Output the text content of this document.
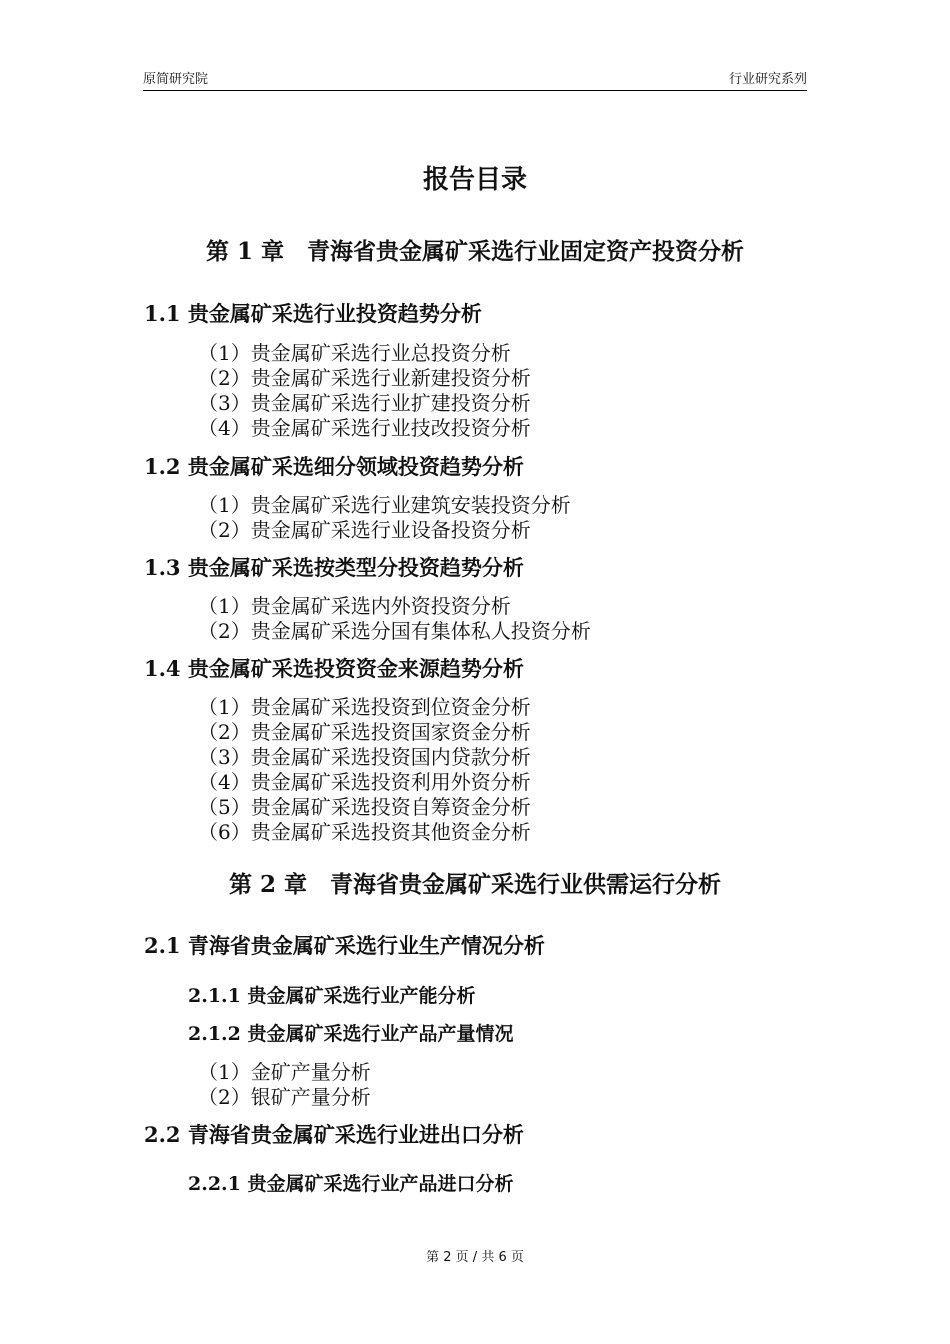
原简研究院	行业研究系列
报告目录
第 1 章　青海省贵金属矿采选行业固定资产投资分析
1.1 贵金属矿采选行业投资趋势分析
（1）贵金属矿采选行业总投资分析
（2）贵金属矿采选行业新建投资分析
（3）贵金属矿采选行业扩建投资分析
（4）贵金属矿采选行业技改投资分析
1.2 贵金属矿采选细分领域投资趋势分析
（1）贵金属矿采选行业建筑安装投资分析
（2）贵金属矿采选行业设备投资分析
1.3 贵金属矿采选按类型分投资趋势分析
（1）贵金属矿采选内外资投资分析
（2）贵金属矿采选分国有集体私人投资分析
1.4 贵金属矿采选投资资金来源趋势分析
（1）贵金属矿采选投资到位资金分析
（2）贵金属矿采选投资国家资金分析
（3）贵金属矿采选投资国内贷款分析
（4）贵金属矿采选投资利用外资分析
（5）贵金属矿采选投资自筹资金分析
（6）贵金属矿采选投资其他资金分析
第 2 章　青海省贵金属矿采选行业供需运行分析
2.1 青海省贵金属矿采选行业生产情况分析
2.1.1 贵金属矿采选行业产能分析
2.1.2 贵金属矿采选行业产品产量情况
（1）金矿产量分析
（2）银矿产量分析
2.2 青海省贵金属矿采选行业进出口分析
2.2.1 贵金属矿采选行业产品进口分析
第 2 页 / 共 6 页
